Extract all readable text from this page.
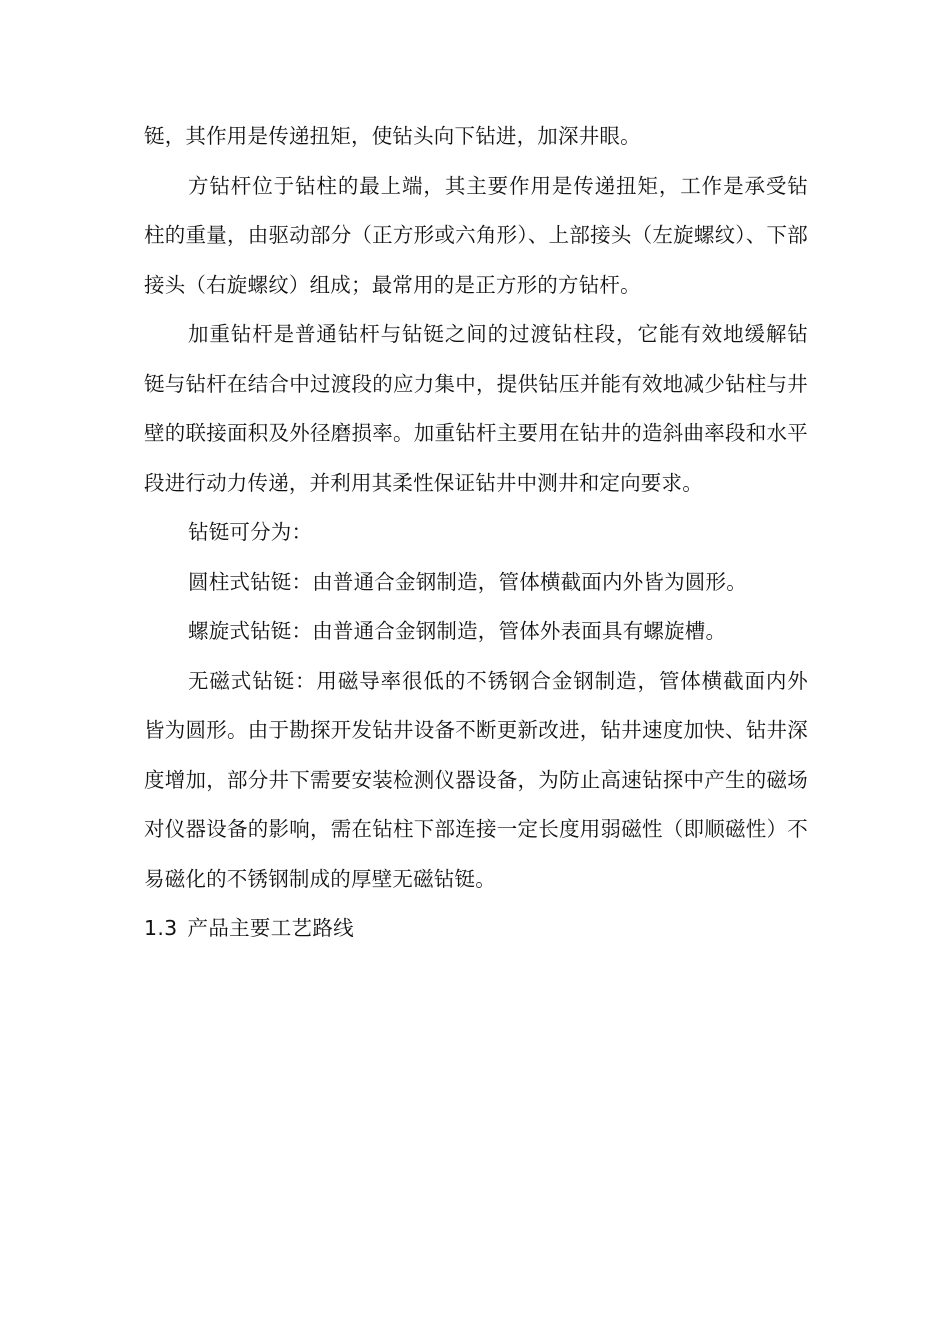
铤，其作用是传递扭矩，使钻头向下钻进，加深井眼。

方钻杆位于钻柱的最上端，其主要作用是传递扭矩，工作是承受钻柱的重量，由驱动部分（正方形或六角形）、上部接头（左旋螺纹）、下部接头（右旋螺纹）组成；最常用的是正方形的方钻杆。

加重钻杆是普通钻杆与钻铤之间的过渡钻柱段，它能有效地缓解钻铤与钻杆在结合中过渡段的应力集中，提供钻压并能有效地减少钻柱与井壁的联接面积及外径磨损率。加重钻杆主要用在钻井的造斜曲率段和水平段进行动力传递，并利用其柔性保证钻井中测井和定向要求。

钻铤可分为：

圆柱式钻铤：由普通合金钢制造，管体横截面内外皆为圆形。

螺旋式钻铤：由普通合金钢制造，管体外表面具有螺旋槽。

无磁式钻铤：用磁导率很低的不锈钢合金钢制造，管体横截面内外皆为圆形。由于勘探开发钻井设备不断更新改进，钻井速度加快、钻井深度增加，部分井下需要安装检测仪器设备，为防止高速钻探中产生的磁场对仪器设备的影响，需在钻柱下部连接一定长度用弱磁性（即顺磁性）不易磁化的不锈钢制成的厚壁无磁钻铤。

1.3 产品主要工艺路线
